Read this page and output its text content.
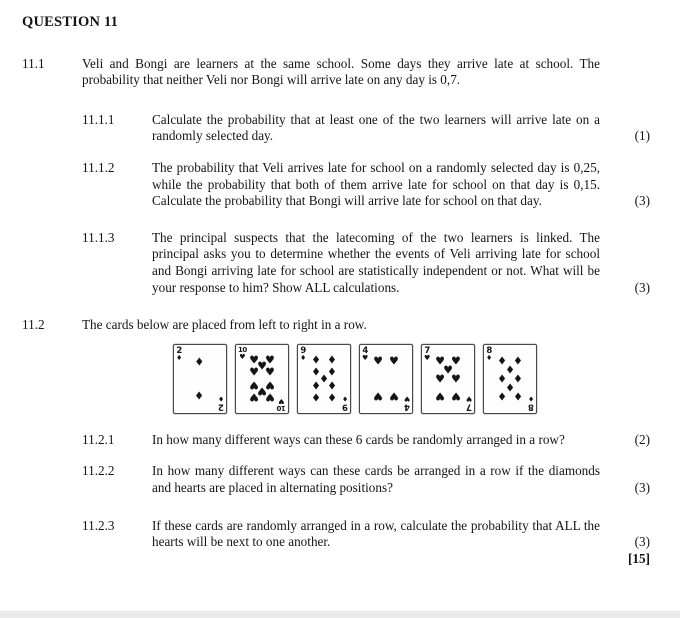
QUESTION 11
11.1	Veli and Bongi are learners at the same school. Some days they arrive late at school. The probability that neither Veli nor Bongi will arrive late on any day is 0,7.

11.1.1	Calculate the probability that at least one of the two learners will arrive late on a randomly selected day.	(1)
11.1.2	The probability that Veli arrives late for school on a randomly selected day is 0,25, while the probability that both of them arrive late for school on that day is 0,15. Calculate the probability that Bongi will arrive late for school on that day.	(3)
11.1.3	The principal suspects that the latecoming of the two learners is linked. The principal asks you to determine whether the events of Veli arriving late for school and Bongi arriving late for school are statistically independent or not. What will be your response to him? Show ALL calculations.	(3)
11.2	The cards below are placed from left to right in a row.

♦
♦
2
♦
2
♦
♥ ♥
♥
♥ ♥
♥ ♥
♥
♥ ♥
10
♥
10
♥
♦ ♦
♦ ♦
♦
♦ ♦
♦ ♦
9
♦
9
♦
♥ ♥
♥ ♥
4
♥
4
♥
♥ ♥
♥
♥ ♥
♥ ♥
7
♥
7
♥
♦ ♦
♦
♦ ♦
♦
♦ ♦
8
♦
8
♦
11.2.1	In how many different ways can these 6 cards be randomly arranged in a row?	(2)
11.2.2	In how many different ways can these cards be arranged in a row if the diamonds and hearts are placed in alternating positions?	(3)
11.2.3	If these cards are randomly arranged in a row, calculate the probability that ALL the hearts will be next to one another.	(3)
[15]
